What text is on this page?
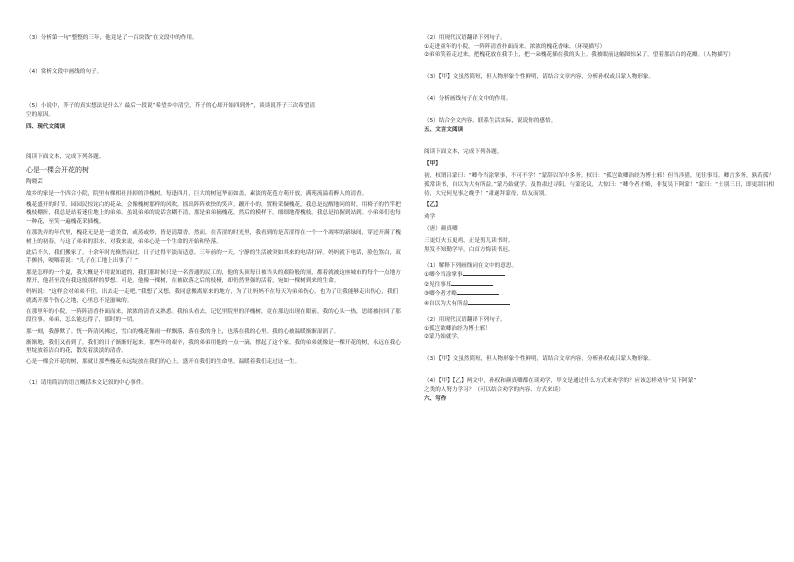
（3）分析第一句“整整的三年，他竟是了一百块钱”在文段中的作用。
（4）赏析文段中画线的句子。
（5）小说中，芥子的真实想法是什么？最后一段说“希望乡中清空，芥子的心却开始四到外”，谈谈说芥子三次希望清
空的原因。
四、现代文阅读
阅读下面文本，完成下列各题。
心是一棵会开花的树
陶晓芸

故乡的家是一个四合小院，院里有棵相社挂掉的洋槐树。每逢四月，巨大的树冠华而如盖，素淡的花苞方萌开放，满苑流溢着醉人的清香。

槐花盛开的时节，园园民惊诧白的花朵，会像槐树那样的风吹，摇出阵阵欢快的笑声。蹦开小的，置粉采撷槐花，我总是逗醒地问的时，用椅子的竹竿把槐枝棚折，我总是站着迷住地上的弟弟。虽说弟弟的说话含糊不清，那是弟弟摘槐花，然后的模样下，细细地帮槐枝。我总是拍握到站到。小弟弟们也每一种花，至笑一遍槐花采插槐。

在那洗弄的年代里，槐花无是是一道美食，或蒸或炒，皆是清甜香。然而，在苦涩的时光里，我看到的是苦涩得在一个一个凋零的新绿间，穿过开满了槐树上的初春，与这了弟弟的泪水，对我来说，弟弟心是一个生命的开始和坠落。

此后不久，我们搬家了。十余年时光倏然而过，日子过得平淡而适意。三年前的一天，宁静的生活被突如其来的电话打碎。妈妈就下电话，脸色煞白，双手颤抖，哽咽着说：“儿子在工地上出事了！”

那是怎样的一个夏，我大概是不用说知道的，我们那时候只是一名普通的民工的，他的头顶每日被当头的艰险般的顶，都着就被这座城市的每个一点地方撑开，他甚至没有我这般那样的梦想。可是，他像一棵树，在被砍落之后的枝桠，却仍然坚强的活着，宛如一棵树到来的生命。

妈妈说：“这样会对弟弟不住，出去走一走吧。”我想了又想，我同意搬离原来的地方，为了让妈妈不在每天为弟弟伤心。也为了让我能够走出伤心，我们就离开那个伤心之地，心里总不是滋味的。

在那里年的小院，一阵阵清香扑面而来，浓浓的清香又熟悉。我抬头看去，记忆里院里的洋槐树，竟在那边出现在眼前。我的心头一热，思绪被拉回了那段往事。弟弟，怎么能忘得了，那时的一切。

那一刻，我静默了。恍一阵清风拂过，雪白的槐花像雨一样飘落，落在我的身上，也落在我的心里。我的心被温暖渐渐湿润了。

渐渐地，我们又看到了，我们的日子渐渐好起来。那些年的艰辛，我的弟弟用他的一点一滴，撑起了这个家。我的弟弟就像是一棵开花的树，永远在我心里绽放着洁白的花，散发着淡淡的清香。

心是一棵会开花的树，那就让那些槐花永远绽放在我们的心上，盛开在我们的生命里，温暖着我们走过这一生。

（1）请用简洁的语言概括本文记叙的中心事件。
（2）用现代汉语翻译下列句子。
①走进童年的小院，一阵阵清香扑面而来。浓浓的槐花香味。（环境描写）
②弟弟笑着走过来，把槐花放在我手上，把一朵槐花插在我的头上。我被眼前这幅图惊呆了，望着那洁白的花瓣。（人物描写）
（3）【甲】文虽然简短，但人物形象个性鲜明，请结合文章内容，分析孙权或吕蒙人物形象。
（4）分析画线句子在文中的作用。
（5）结合全文内容，联系生活实际，说说你的感悟。
五、文言文阅读
阅读下面文本，完成下列各题。
【甲】

初，权谓吕蒙曰：“卿今当涂掌事，不可不学！”蒙辞以军中多务。权曰：“孤岂欲卿治经为博士邪！但当涉猎，见往事耳。卿言多务，孰若孤？孤常读书，自以为大有所益。”蒙乃始就学。及鲁肃过寻阳，与蒙论议，大惊曰：“卿今者才略，非复吴下阿蒙！”蒙曰：“士别三日，即更刮目相待，大兄何见事之晚乎！”肃遂拜蒙母，结友而别。

【乙】
劝学
（唐）颜真卿
三更灯火五更鸡，正是男儿读书时。
黑发不知勤学早，白首方悔读书迟。
（1）解释下列画线词在文中的意思。
①卿今当涂掌事
②见往事耳
③卿今者才略
④自以为大有所益
（2）用现代汉语翻译下列句子。
①孤岂欲卿治经为博士邪！
②蒙乃始就学。
（3）【甲】文虽然简短，但人物形象个性鲜明，请结合文章内容，分析孙权或吕蒙人物形象。
（4）【甲】【乙】两文中，孙权和颜真卿都在谈劝学，甲文是通过什么方式来劝学的？应该怎样劝导“吴下阿蒙”
之类的人努力学习？（可以结合劝学的内容、方式来谈）
六、写作
